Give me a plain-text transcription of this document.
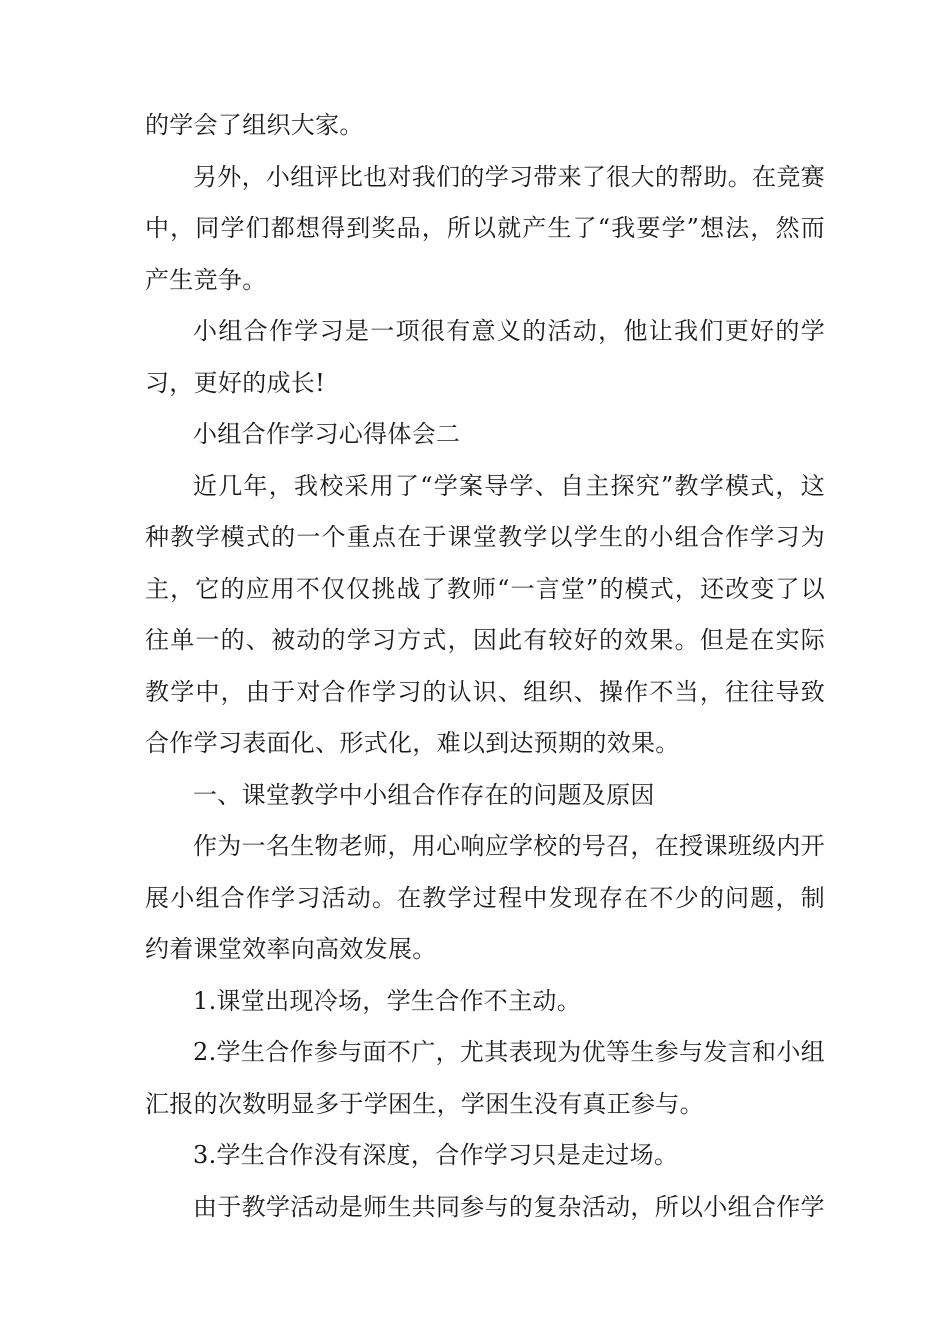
的学会了组织大家。

另外，小组评比也对我们的学习带来了很大的帮助。在竞赛中，同学们都想得到奖品，所以就产生了“我要学”想法，然而产生竞争。

小组合作学习是一项很有意义的活动，他让我们更好的学习，更好的成长!

小组合作学习心得体会二

近几年，我校采用了“学案导学、自主探究”教学模式，这种教学模式的一个重点在于课堂教学以学生的小组合作学习为主，它的应用不仅仅挑战了教师“一言堂”的模式，还改变了以往单一的、被动的学习方式，因此有较好的效果。但是在实际教学中，由于对合作学习的认识、组织、操作不当，往往导致合作学习表面化、形式化，难以到达预期的效果。

一、课堂教学中小组合作存在的问题及原因

作为一名生物老师，用心响应学校的号召，在授课班级内开展小组合作学习活动。在教学过程中发现存在不少的问题，制约着课堂效率向高效发展。

1.课堂出现冷场，学生合作不主动。

2.学生合作参与面不广，尤其表现为优等生参与发言和小组汇报的次数明显多于学困生，学困生没有真正参与。

3.学生合作没有深度，合作学习只是走过场。

由于教学活动是师生共同参与的复杂活动，所以小组合作学
